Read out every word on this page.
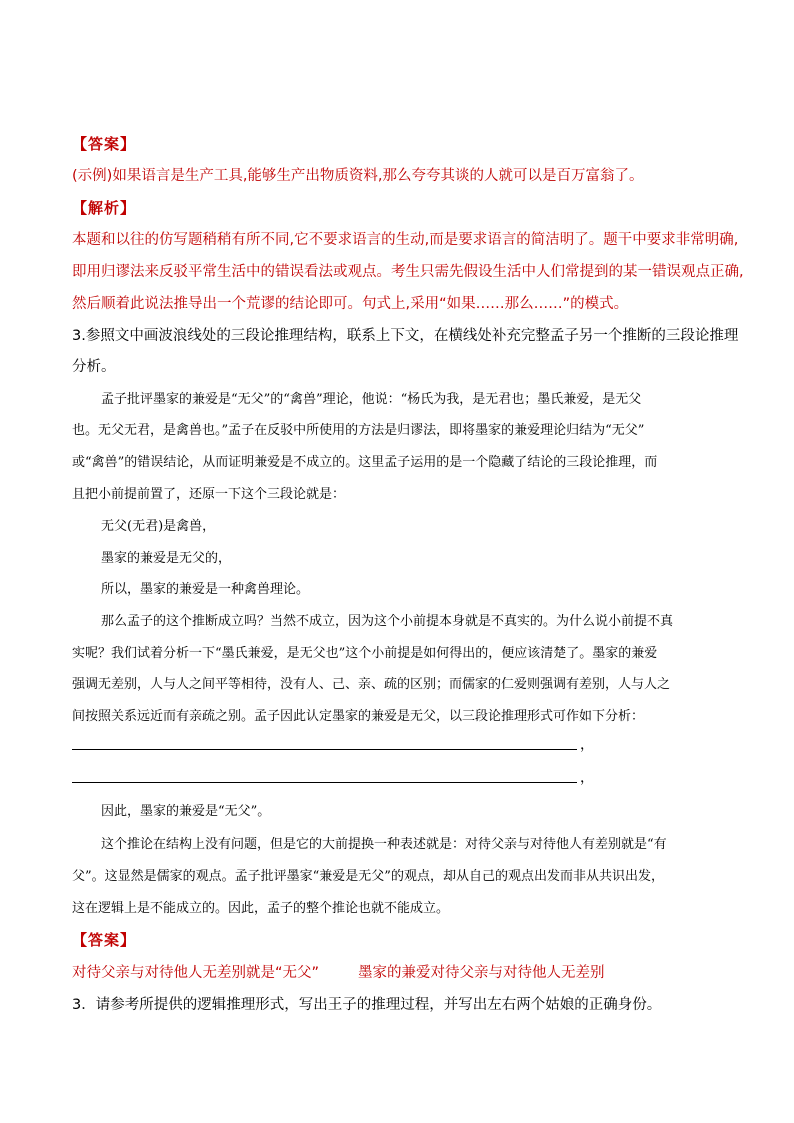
【答案】
(示例)如果语言是生产工具,能够生产出物质资料,那么夸夸其谈的人就可以是百万富翁了。
【解析】
本题和以往的仿写题稍稍有所不同,它不要求语言的生动,而是要求语言的简洁明了。题干中要求非常明确,
即用归谬法来反驳平常生活中的错误看法或观点。考生只需先假设生活中人们常提到的某一错误观点正确,
然后顺着此说法推导出一个荒谬的结论即可。句式上,采用“如果……那么……”的模式。
3.参照文中画波浪线处的三段论推理结构，联系上下文，在横线处补充完整孟子另一个推断的三段论推理
分析。
孟子批评墨家的兼爱是“无父”的“禽兽”理论，他说：“杨氏为我，是无君也；墨氏兼爱，是无父
也。无父无君，是禽兽也。”孟子在反驳中所使用的方法是归谬法，即将墨家的兼爱理论归结为“无父”
或“禽兽”的错误结论，从而证明兼爱是不成立的。这里孟子运用的是一个隐藏了结论的三段论推理，而
且把小前提前置了，还原一下这个三段论就是：
无父(无君)是禽兽，
墨家的兼爱是无父的，
所以，墨家的兼爱是一种禽兽理论。
那么孟子的这个推断成立吗？当然不成立，因为这个小前提本身就是不真实的。为什么说小前提不真
实呢？我们试着分析一下“墨氏兼爱，是无父也”这个小前提是如何得出的，便应该清楚了。墨家的兼爱
强调无差别，人与人之间平等相待，没有人、己、亲、疏的区别；而儒家的仁爱则强调有差别，人与人之
间按照关系远近而有亲疏之别。孟子因此认定墨家的兼爱是无父，以三段论推理形式可作如下分析：
，
，
因此，墨家的兼爱是“无父”。
这个推论在结构上没有问题，但是它的大前提换一种表述就是：对待父亲与对待他人有差别就是“有
父”。这显然是儒家的观点。孟子批评墨家“兼爱是无父”的观点，却从自己的观点出发而非从共识出发，
这在逻辑上是不能成立的。因此，孟子的整个推论也就不能成立。
【答案】
对待父亲与对待他人无差别就是“无父”	墨家的兼爱对待父亲与对待他人无差别
3．请参考所提供的逻辑推理形式，写出王子的推理过程，并写出左右两个姑娘的正确身份。
